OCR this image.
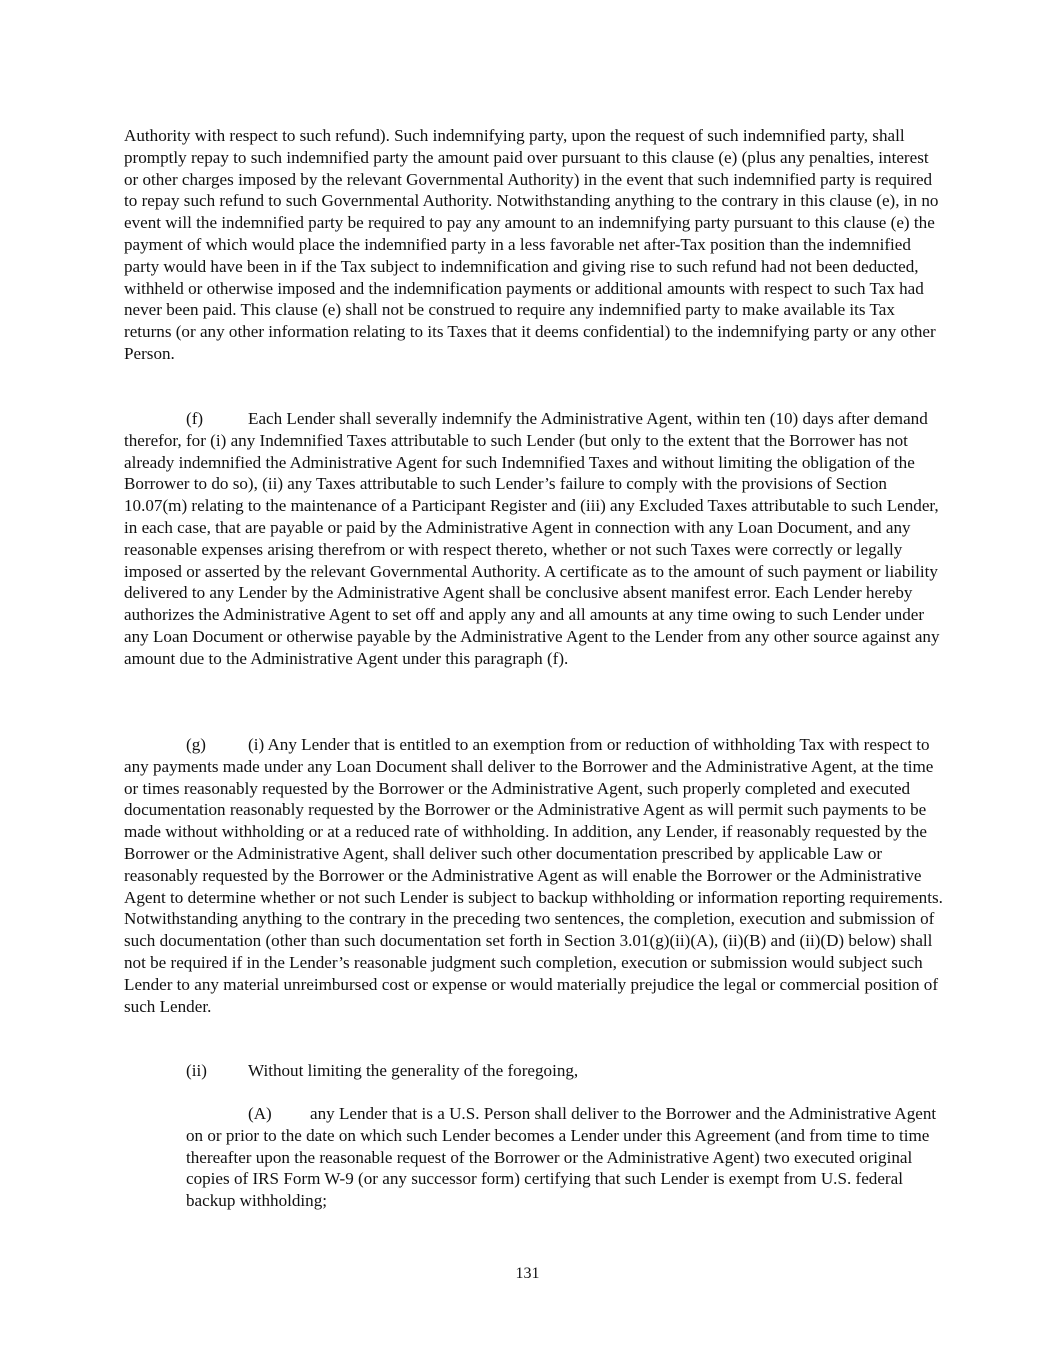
Authority with respect to such refund). Such indemnifying party, upon the request of such indemnified party, shall promptly repay to such indemnified party the amount paid over pursuant to this clause (e) (plus any penalties, interest or other charges imposed by the relevant Governmental Authority) in the event that such indemnified party is required to repay such refund to such Governmental Authority. Notwithstanding anything to the contrary in this clause (e), in no event will the indemnified party be required to pay any amount to an indemnifying party pursuant to this clause (e) the payment of which would place the indemnified party in a less favorable net after-Tax position than the indemnified party would have been in if the Tax subject to indemnification and giving rise to such refund had not been deducted, withheld or otherwise imposed and the indemnification payments or additional amounts with respect to such Tax had never been paid. This clause (e) shall not be construed to require any indemnified party to make available its Tax returns (or any other information relating to its Taxes that it deems confidential) to the indemnifying party or any other Person.

(f)	Each Lender shall severally indemnify the Administrative Agent, within ten (10) days after demand therefor, for (i) any Indemnified Taxes attributable to such Lender (but only to the extent that the Borrower has not already indemnified the Administrative Agent for such Indemnified Taxes and without limiting the obligation of the Borrower to do so), (ii) any Taxes attributable to such Lender’s failure to comply with the provisions of Section 10.07(m) relating to the maintenance of a Participant Register and (iii) any Excluded Taxes attributable to such Lender, in each case, that are payable or paid by the Administrative Agent in connection with any Loan Document, and any reasonable expenses arising therefrom or with respect thereto, whether or not such Taxes were correctly or legally imposed or asserted by the relevant Governmental Authority. A certificate as to the amount of such payment or liability delivered to any Lender by the Administrative Agent shall be conclusive absent manifest error. Each Lender hereby authorizes the Administrative Agent to set off and apply any and all amounts at any time owing to such Lender under any Loan Document or otherwise payable by the Administrative Agent to the Lender from any other source against any amount due to the Administrative Agent under this paragraph (f).

(g) (i) Any Lender that is entitled to an exemption from or reduction of withholding Tax with respect to any payments made under any Loan Document shall deliver to the Borrower and the Administrative Agent, at the time or times reasonably requested by the Borrower or the Administrative Agent, such properly completed and executed documentation reasonably requested by the Borrower or the Administrative Agent as will permit such payments to be made without withholding or at a reduced rate of withholding. In addition, any Lender, if reasonably requested by the Borrower or the Administrative Agent, shall deliver such other documentation prescribed by applicable Law or reasonably requested by the Borrower or the Administrative Agent as will enable the Borrower or the Administrative Agent to determine whether or not such Lender is subject to backup withholding or information reporting requirements. Notwithstanding anything to the contrary in the preceding two sentences, the completion, execution and submission of such documentation (other than such documentation set forth in Section 3.01(g)(ii)(A), (ii)(B) and (ii)(D) below) shall not be required if in the Lender’s reasonable judgment such completion, execution or submission would subject such Lender to any material unreimbursed cost or expense or would materially prejudice the legal or commercial position of such Lender.

(ii) Without limiting the generality of the foregoing,

(A) any Lender that is a U.S. Person shall deliver to the Borrower and the Administrative Agent on or prior to the date on which such Lender becomes a Lender under this Agreement (and from time to time thereafter upon the reasonable request of the Borrower or the Administrative Agent) two executed original copies of IRS Form W-9 (or any successor form) certifying that such Lender is exempt from U.S. federal backup withholding;

131
